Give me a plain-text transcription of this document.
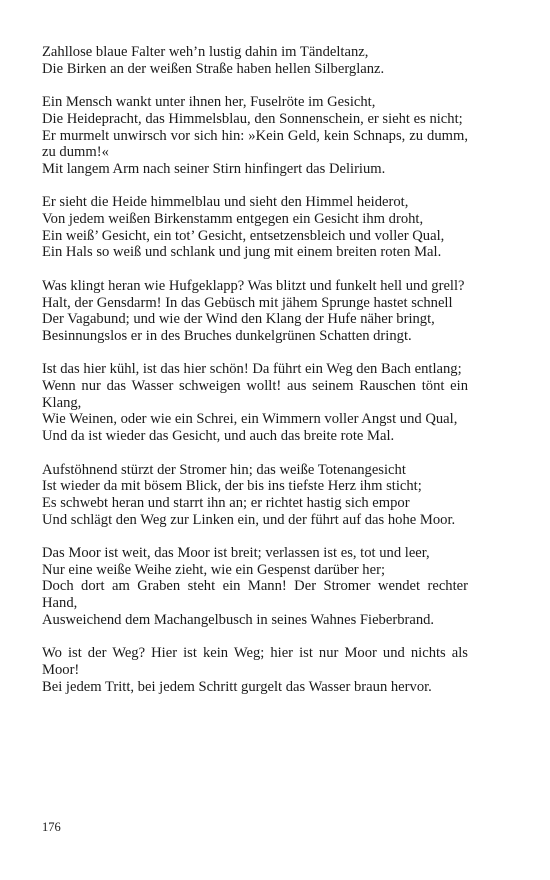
Zahllose blaue Falter weh’n lustig dahin im Tändeltanz,
Die Birken an der weißen Straße haben hellen Silberglanz.
Ein Mensch wankt unter ihnen her, Fuselröte im Gesicht,
Die Heidepracht, das Himmelsblau, den Sonnenschein, er sieht es nicht;
Er murmelt unwirsch vor sich hin: »Kein Geld, kein Schnaps, zu dumm, zu dumm!«
Mit langem Arm nach seiner Stirn hinfingert das Delirium.
Er sieht die Heide himmelblau und sieht den Himmel heiderot,
Von jedem weißen Birkenstamm entgegen ein Gesicht ihm droht,
Ein weiß’ Gesicht, ein tot’ Gesicht, entsetzensbleich und voller Qual,
Ein Hals so weiß und schlank und jung mit einem breiten roten Mal.
Was klingt heran wie Hufgeklapp? Was blitzt und funkelt hell und grell?
Halt, der Gensdarm! In das Gebüsch mit jähem Sprunge hastet schnell
Der Vagabund; und wie der Wind den Klang der Hufe näher bringt,
Besinnungslos er in des Bruches dunkelgrünen Schatten dringt.
Ist das hier kühl, ist das hier schön! Da führt ein Weg den Bach entlang;
Wenn nur das Wasser schweigen wollt! aus seinem Rauschen tönt ein Klang,
Wie Weinen, oder wie ein Schrei, ein Wimmern voller Angst und Qual,
Und da ist wieder das Gesicht, und auch das breite rote Mal.
Aufstöhnend stürzt der Stromer hin; das weiße Totenangesicht
Ist wieder da mit bösem Blick, der bis ins tiefste Herz ihm sticht;
Es schwebt heran und starrt ihn an; er richtet hastig sich empor
Und schlägt den Weg zur Linken ein, und der führt auf das hohe Moor.
Das Moor ist weit, das Moor ist breit; verlassen ist es, tot und leer,
Nur eine weiße Weihe zieht, wie ein Gespenst darüber her;
Doch dort am Graben steht ein Mann! Der Stromer wendet rechter Hand,
Ausweichend dem Machangelbusch in seines Wahnes Fieberbrand.
Wo ist der Weg? Hier ist kein Weg; hier ist nur Moor und nichts als Moor!
Bei jedem Tritt, bei jedem Schritt gurgelt das Wasser braun hervor.
176
